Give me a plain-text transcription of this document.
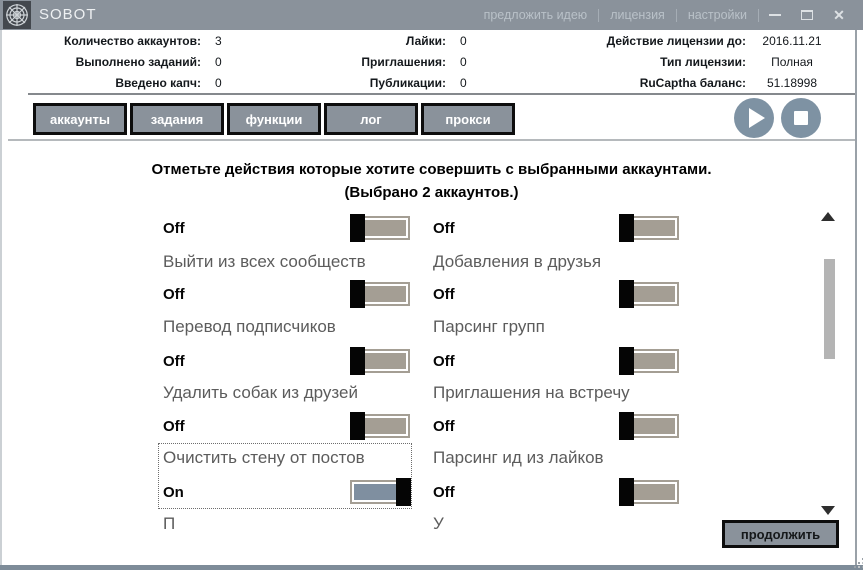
SOBOT	предложить идею	лицензия	настройки	✕
Количество аккаунтов:	3
Выполнено заданий:	0
Введено капч:	0
Лайки:	0
Приглашения:	0
Публикации:	0
Действие лицензии до:	2016.11.21
Тип лицензии:	Полная
RuCaptha баланс:	51.18998
аккаунты	задания	функции	лог	прокси
Отметьте действия которые хотите совершить с выбранными аккаунтами.
(Выбрано 2 аккаунтов.)
Off
Выйти из всех сообществ
Off
Перевод подписчиков
Off
Удалить собак из друзей
Off
Очистить стену от постов
On
П
Off
Добавления в друзья
Off
Парсинг групп
Off
Приглашения на встречу
Off
Парсинг ид из лайков
Off
У
продолжить
